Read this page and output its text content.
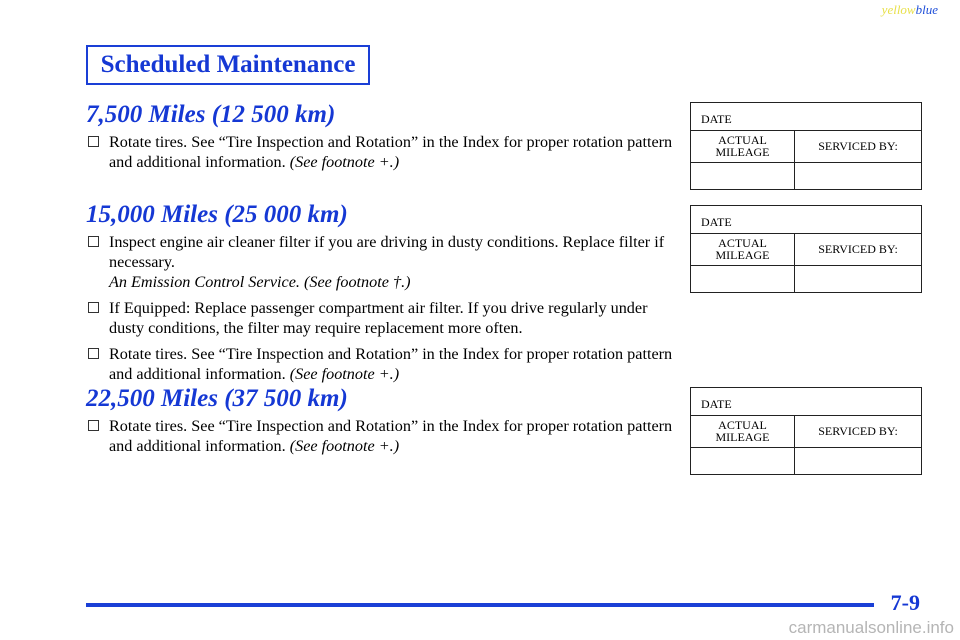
yellowblue
Scheduled Maintenance
7,500 Miles (12 500 km)
Rotate tires. See “Tire Inspection and Rotation” in the Index for proper rotation pattern and additional information. (See footnote +.)
15,000 Miles (25 000 km)
Inspect engine air cleaner filter if you are driving in dusty conditions. Replace filter if necessary.
An Emission Control Service. (See footnote †.)
If Equipped: Replace passenger compartment air filter. If you drive regularly under dusty conditions, the filter may require replacement more often.
Rotate tires. See “Tire Inspection and Rotation” in the Index for proper rotation pattern and additional information. (See footnote +.)
22,500 Miles (37 500 km)
Rotate tires. See “Tire Inspection and Rotation” in the Index for proper rotation pattern and additional information. (See footnote +.)
DATE
ACTUAL
MILEAGE	SERVICED BY:
DATE
ACTUAL
MILEAGE	SERVICED BY:
DATE
ACTUAL
MILEAGE	SERVICED BY:
7-9
carmanualsonline.info
